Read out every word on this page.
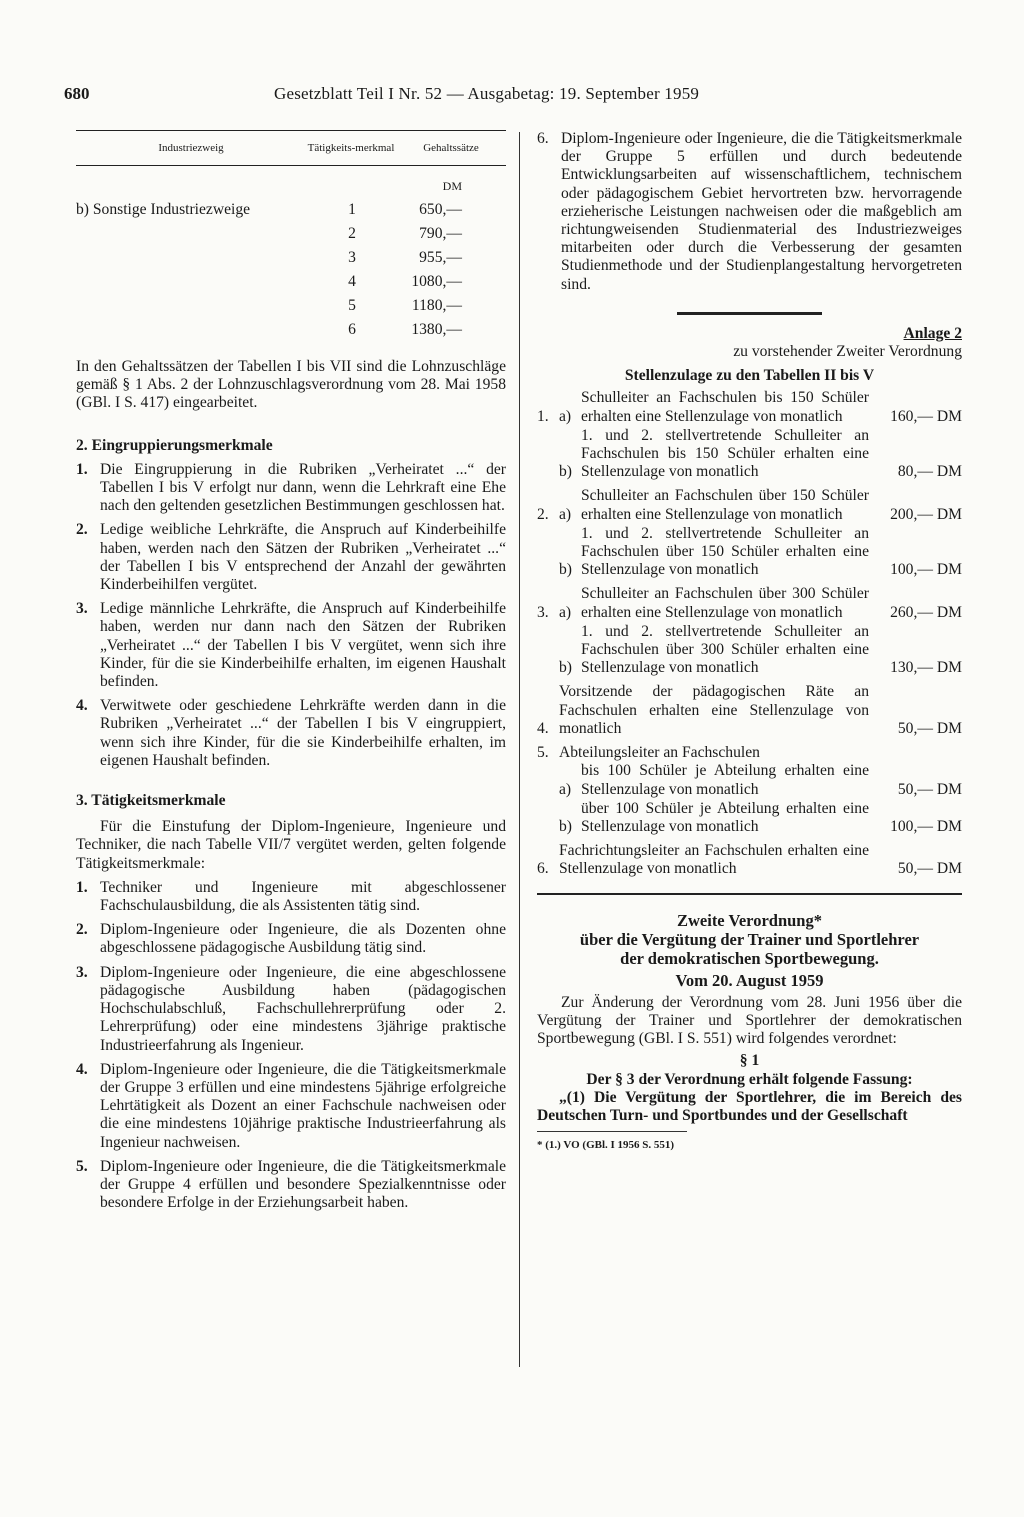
680	Gesetzblatt Teil I Nr. 52 — Ausgabetag: 19. September 1959
Industriezweig	Tätigkeits-merkmal	Gehaltssätze
DM
b) Sonstige Industriezweige	1	650,—
2	790,—
3	955,—
4	1080,—
5	1180,—
6	1380,—

In den Gehaltssätzen der Tabellen I bis VII sind die Lohnzuschläge gemäß § 1 Abs. 2 der Lohnzuschlagsverordnung vom 28. Mai 1958 (GBl. I S. 417) eingearbeitet.

2. Eingruppierungsmerkmale
1. Die Eingruppierung in die Rubriken „Verheiratet ...“ der Tabellen I bis V erfolgt nur dann, wenn die Lehrkraft eine Ehe nach den geltenden gesetzlichen Bestimmungen geschlossen hat.
2. Ledige weibliche Lehrkräfte, die Anspruch auf Kinderbeihilfe haben, werden nach den Sätzen der Rubriken „Verheiratet ...“ der Tabellen I bis V entsprechend der Anzahl der gewährten Kinderbeihilfen vergütet.
3. Ledige männliche Lehrkräfte, die Anspruch auf Kinderbeihilfe haben, werden nur dann nach den Sätzen der Rubriken „Verheiratet ...“ der Tabellen I bis V vergütet, wenn sich ihre Kinder, für die sie Kinderbeihilfe erhalten, im eigenen Haushalt befinden.
4. Verwitwete oder geschiedene Lehrkräfte werden dann in die Rubriken „Verheiratet ...“ der Tabellen I bis V eingruppiert, wenn sich ihre Kinder, für die sie Kinderbeihilfe erhalten, im eigenen Haushalt befinden.
3. Tätigkeitsmerkmale

Für die Einstufung der Diplom-Ingenieure, Ingenieure und Techniker, die nach Tabelle VII/7 vergütet werden, gelten folgende Tätigkeitsmerkmale:

1. Techniker und Ingenieure mit abgeschlossener Fachschulausbildung, die als Assistenten tätig sind.
2. Diplom-Ingenieure oder Ingenieure, die als Dozenten ohne abgeschlossene pädagogische Ausbildung tätig sind.
3. Diplom-Ingenieure oder Ingenieure, die eine abgeschlossene pädagogische Ausbildung haben (pädagogischen Hochschulabschluß, Fachschullehrerprüfung oder 2. Lehrerprüfung) oder eine mindestens 3jährige praktische Industrieerfahrung als Ingenieur.
4. Diplom-Ingenieure oder Ingenieure, die die Tätigkeitsmerkmale der Gruppe 3 erfüllen und eine mindestens 5jährige erfolgreiche Lehrtätigkeit als Dozent an einer Fachschule nachweisen oder die eine mindestens 10jährige praktische Industrieerfahrung als Ingenieur nachweisen.
5. Diplom-Ingenieure oder Ingenieure, die die Tätigkeitsmerkmale der Gruppe 4 erfüllen und besondere Spezialkenntnisse oder besondere Erfolge in der Erziehungsarbeit haben.
6. Diplom-Ingenieure oder Ingenieure, die die Tätigkeitsmerkmale der Gruppe 5 erfüllen und durch bedeutende Entwicklungsarbeiten auf wissenschaftlichem, technischem oder pädagogischem Gebiet hervortreten bzw. hervorragende erzieherische Leistungen nachweisen oder die maßgeblich am richtungweisenden Studienmaterial des Industriezweiges mitarbeiten oder durch die Verbesserung der gesamten Studienmethode und der Studienplangestaltung hervorgetreten sind.
Anlage 2
zu vorstehender Zweiter Verordnung
Stellenzulage zu den Tabellen II bis V
1. a)
Schulleiter an Fachschulen bis 150 Schüler erhalten eine Stellenzulage von monatlich	160,— DM
b)
1. und 2. stellvertretende Schulleiter an Fachschulen bis 150 Schüler erhalten eine Stellenzulage von monatlich	80,— DM
2. a)
Schulleiter an Fachschulen über 150 Schüler erhalten eine Stellenzulage von monatlich	200,— DM
b)
1. und 2. stellvertretende Schulleiter an Fachschulen über 150 Schüler erhalten eine Stellenzulage von monatlich	100,— DM
3. a)
Schulleiter an Fachschulen über 300 Schüler erhalten eine Stellenzulage von monatlich	260,— DM
b)
1. und 2. stellvertretende Schulleiter an Fachschulen über 300 Schüler erhalten eine Stellenzulage von monatlich	130,— DM
4.
Vorsitzende der pädagogischen Räte an Fachschulen erhalten eine Stellenzulage von monatlich	50,— DM
5. Abteilungsleiter an Fachschulen
a)
bis 100 Schüler je Abteilung erhalten eine Stellenzulage von monatlich	50,— DM
b)
über 100 Schüler je Abteilung erhalten eine Stellenzulage von monatlich	100,— DM
6.
Fachrichtungsleiter an Fachschulen erhalten eine Stellenzulage von monatlich	50,— DM
Zweite Verordnung*
über die Vergütung der Trainer und Sportlehrer
der demokratischen Sportbewegung.
Vom 20. August 1959

Zur Änderung der Verordnung vom 28. Juni 1956 über die Vergütung der Trainer und Sportlehrer der demokratischen Sportbewegung (GBl. I S. 551) wird folgendes verordnet:

§ 1
Der § 3 der Verordnung erhält folgende Fassung:
„(1) Die Vergütung der Sportlehrer, die im Bereich des Deutschen Turn- und Sportbundes und der Gesellschaft
* (1.) VO (GBl. I 1956 S. 551)
